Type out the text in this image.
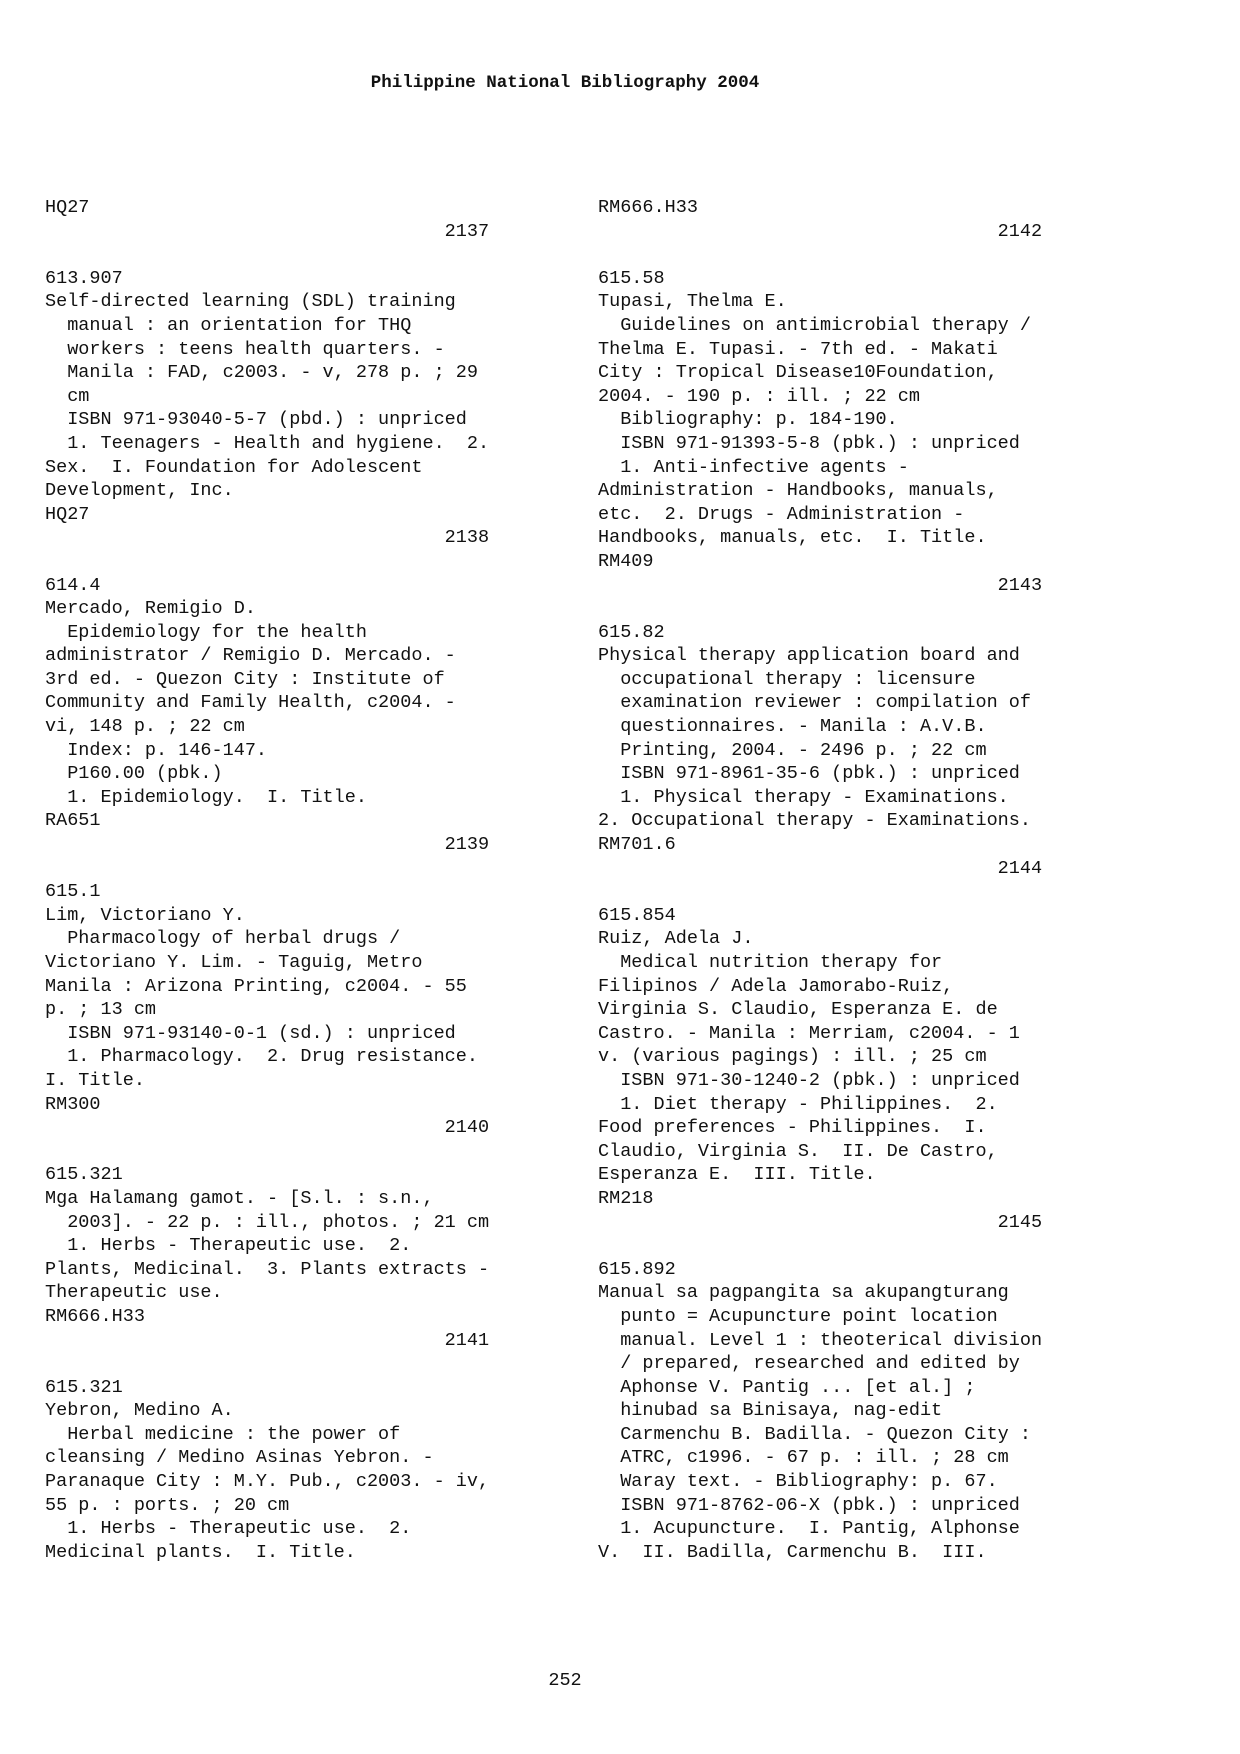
Philippine National Bibliography 2004
HQ27
2137
613.907
Self-directed learning (SDL) training
manual : an orientation for THQ
workers : teens health quarters. -
Manila : FAD, c2003. - v, 278 p. ; 29
cm
ISBN 971-93040-5-7 (pbd.) : unpriced
1. Teenagers - Health and hygiene.  2.
Sex.  I. Foundation for Adolescent
Development, Inc.
HQ27
2138
614.4
Mercado, Remigio D.
Epidemiology for the health
administrator / Remigio D. Mercado. -
3rd ed. - Quezon City : Institute of
Community and Family Health, c2004. -
vi, 148 p. ; 22 cm
Index: p. 146-147.
P160.00 (pbk.)
1. Epidemiology.  I. Title.
RA651
2139
615.1
Lim, Victoriano Y.
Pharmacology of herbal drugs /
Victoriano Y. Lim. - Taguig, Metro
Manila : Arizona Printing, c2004. - 55
p. ; 13 cm
ISBN 971-93140-0-1 (sd.) : unpriced
1. Pharmacology.  2. Drug resistance.
I. Title.
RM300
2140
615.321
Mga Halamang gamot. - [S.l. : s.n.,
2003]. - 22 p. : ill., photos. ; 21 cm
1. Herbs - Therapeutic use.  2.
Plants, Medicinal.  3. Plants extracts -
Therapeutic use.
RM666.H33
2141
615.321
Yebron, Medino A.
Herbal medicine : the power of
cleansing / Medino Asinas Yebron. -
Paranaque City : M.Y. Pub., c2003. - iv,
55 p. : ports. ; 20 cm
1. Herbs - Therapeutic use.  2.
Medicinal plants.  I. Title.
RM666.H33
2142
615.58
Tupasi, Thelma E.
Guidelines on antimicrobial therapy /
Thelma E. Tupasi. - 7th ed. - Makati
City : Tropical Disease10Foundation,
2004. - 190 p. : ill. ; 22 cm
Bibliography: p. 184-190.
ISBN 971-91393-5-8 (pbk.) : unpriced
1. Anti-infective agents -
Administration - Handbooks, manuals,
etc.  2. Drugs - Administration -
Handbooks, manuals, etc.  I. Title.
RM409
2143
615.82
Physical therapy application board and
occupational therapy : licensure
examination reviewer : compilation of
questionnaires. - Manila : A.V.B.
Printing, 2004. - 2496 p. ; 22 cm
ISBN 971-8961-35-6 (pbk.) : unpriced
1. Physical therapy - Examinations.
2. Occupational therapy - Examinations.
RM701.6
2144
615.854
Ruiz, Adela J.
Medical nutrition therapy for
Filipinos / Adela Jamorabo-Ruiz,
Virginia S. Claudio, Esperanza E. de
Castro. - Manila : Merriam, c2004. - 1
v. (various pagings) : ill. ; 25 cm
ISBN 971-30-1240-2 (pbk.) : unpriced
1. Diet therapy - Philippines.  2.
Food preferences - Philippines.  I.
Claudio, Virginia S.  II. De Castro,
Esperanza E.  III. Title.
RM218
2145
615.892
Manual sa pagpangita sa akupangturang
punto = Acupuncture point location
manual. Level 1 : theoterical division
/ prepared, researched and edited by
Aphonse V. Pantig ... [et al.] ;
hinubad sa Binisaya, nag-edit
Carmenchu B. Badilla. - Quezon City :
ATRC, c1996. - 67 p. : ill. ; 28 cm
Waray text. - Bibliography: p. 67.
ISBN 971-8762-06-X (pbk.) : unpriced
1. Acupuncture.  I. Pantig, Alphonse
V.  II. Badilla, Carmenchu B.  III.
252
